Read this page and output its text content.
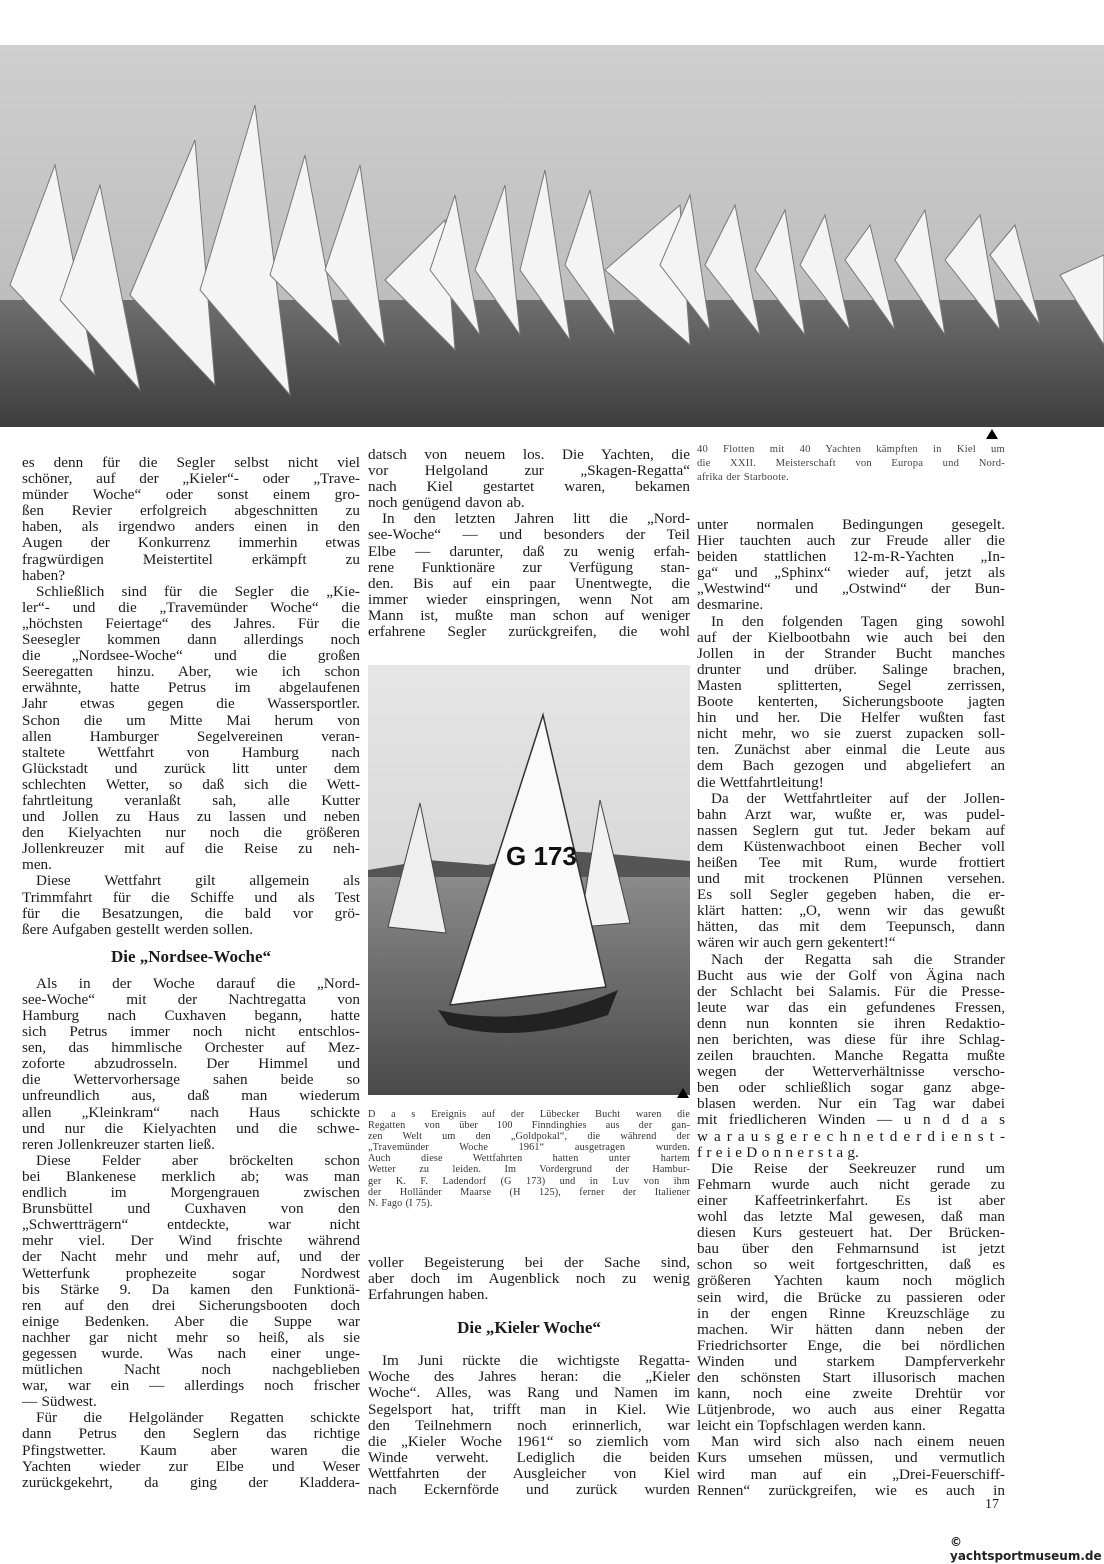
40 Flotten mit 40 Yachten kämpften in Kiel um
die XXII. Meisterschaft von Europa und Nord-
afrika der Starboote.
G 173
D a s Ereignis auf der Lübecker Bucht waren die
Regatten von über 100 Finndinghies aus der gan-
zen Welt um den „Goldpokal“, die während der
„Travemünder Woche 1961“ ausgetragen wurden.
Auch diese Wettfahrten hatten unter hartem
Wetter zu leiden. Im Vordergrund der Hambur-
ger K. F. Ladendorf (G 173) und in Luv von ihm
der Holländer Maarse (H 125), ferner der Italiener
N. Fago (I 75).
es denn für die Segler selbst nicht viel
schöner, auf der „Kieler“- oder „Trave-
münder Woche“ oder sonst einem gro-
ßen Revier erfolgreich abgeschnitten zu
haben, als irgendwo anders einen in den
Augen der Konkurrenz immerhin etwas
fragwürdigen Meistertitel erkämpft zu
haben?
Schließlich sind für die Segler die „Kie-
ler“- und die „Travemünder Woche“ die
„höchsten Feiertage“ des Jahres. Für die
Seesegler kommen dann allerdings noch
die „Nordsee-Woche“ und die großen
Seeregatten hinzu. Aber, wie ich schon
erwähnte, hatte Petrus im abgelaufenen
Jahr etwas gegen die Wassersportler.
Schon die um Mitte Mai herum von
allen Hamburger Segelvereinen veran-
staltete Wettfahrt von Hamburg nach
Glückstadt und zurück litt unter dem
schlechten Wetter, so daß sich die Wett-
fahrtleitung veranlaßt sah, alle Kutter
und Jollen zu Haus zu lassen und neben
den Kielyachten nur noch die größeren
Jollenkreuzer mit auf die Reise zu neh-
men.
Diese Wettfahrt gilt allgemein als
Trimmfahrt für die Schiffe und als Test
für die Besatzungen, die bald vor grö-
ßere Aufgaben gestellt werden sollen.
Die „Nordsee-Woche“
Als in der Woche darauf die „Nord-
see-Woche“ mit der Nachtregatta von
Hamburg nach Cuxhaven begann, hatte
sich Petrus immer noch nicht entschlos-
sen, das himmlische Orchester auf Mez-
zoforte abzudrosseln. Der Himmel und
die Wettervorhersage sahen beide so
unfreundlich aus, daß man wiederum
allen „Kleinkram“ nach Haus schickte
und nur die Kielyachten und die schwe-
reren Jollenkreuzer starten ließ.
Diese Felder aber bröckelten schon
bei Blankenese merklich ab; was man
endlich im Morgengrauen zwischen
Brunsbüttel und Cuxhaven von den
„Schwertträgern“ entdeckte, war nicht
mehr viel. Der Wind frischte während
der Nacht mehr und mehr auf, und der
Wetterfunk prophezeite sogar Nordwest
bis Stärke 9. Da kamen den Funktionä-
ren auf den drei Sicherungsbooten doch
einige Bedenken. Aber die Suppe war
nachher gar nicht mehr so heiß, als sie
gegessen wurde. Was nach einer unge-
mütlichen Nacht noch nachgeblieben
war, war ein — allerdings noch frischer
— Südwest.
Für die Helgoländer Regatten schickte
dann Petrus den Seglern das richtige
Pfingstwetter. Kaum aber waren die
Yachten wieder zur Elbe und Weser
zurückgekehrt, da ging der Kladdera-
datsch von neuem los. Die Yachten, die
vor Helgoland zur „Skagen-Regatta“
nach Kiel gestartet waren, bekamen
noch genügend davon ab.
In den letzten Jahren litt die „Nord-
see-Woche“ — und besonders der Teil
Elbe — darunter, daß zu wenig erfah-
rene Funktionäre zur Verfügung stan-
den. Bis auf ein paar Unentwegte, die
immer wieder einspringen, wenn Not am
Mann ist, mußte man schon auf weniger
erfahrene Segler zurückgreifen, die wohl
voller Begeisterung bei der Sache sind,
aber doch im Augenblick noch zu wenig
Erfahrungen haben.
Die „Kieler Woche“
Im Juni rückte die wichtigste Regatta-
Woche des Jahres heran: die „Kieler
Woche“. Alles, was Rang und Namen im
Segelsport hat, trifft man in Kiel. Wie
den Teilnehmern noch erinnerlich, war
die „Kieler Woche 1961“ so ziemlich vom
Winde verweht. Lediglich die beiden
Wettfahrten der Ausgleicher von Kiel
nach Eckernförde und zurück wurden
unter normalen Bedingungen gesegelt.
Hier tauchten auch zur Freude aller die
beiden stattlichen 12-m-R-Yachten „In-
ga“ und „Sphinx“ wieder auf, jetzt als
„Westwind“ und „Ostwind“ der Bun-
desmarine.
In den folgenden Tagen ging sowohl
auf der Kielbootbahn wie auch bei den
Jollen in der Strander Bucht manches
drunter und drüber. Salinge brachen,
Masten splitterten, Segel zerrissen,
Boote kenterten, Sicherungsboote jagten
hin und her. Die Helfer wußten fast
nicht mehr, wo sie zuerst zupacken soll-
ten. Zunächst aber einmal die Leute aus
dem Bach gezogen und abgeliefert an
die Wettfahrtleitung!
Da der Wettfahrtleiter auf der Jollen-
bahn Arzt war, wußte er, was pudel-
nassen Seglern gut tut. Jeder bekam auf
dem Küstenwachboot einen Becher voll
heißen Tee mit Rum, wurde frottiert
und mit trockenen Plünnen versehen.
Es soll Segler gegeben haben, die er-
klärt hatten: „O, wenn wir das gewußt
hätten, das mit dem Teepunsch, dann
wären wir auch gern gekentert!“
Nach der Regatta sah die Strander
Bucht aus wie der Golf von Ägina nach
der Schlacht bei Salamis. Für die Presse-
leute war das ein gefundenes Fressen,
denn nun konnten sie ihren Redaktio-
nen berichten, was diese für ihre Schlag-
zeilen brauchten. Manche Regatta mußte
wegen der Wetterverhältnisse verscho-
ben oder schließlich sogar ganz abge-
blasen werden. Nur ein Tag war dabei
mit friedlicheren Winden — u n d d a s
w a r a u s g e r e c h n e t d e r d i e n s t -
f r e i e D o n n e r s t a g.
Die Reise der Seekreuzer rund um
Fehmarn wurde auch nicht gerade zu
einer Kaffeetrinkerfahrt. Es ist aber
wohl das letzte Mal gewesen, daß man
diesen Kurs gesteuert hat. Der Brücken-
bau über den Fehmarnsund ist jetzt
schon so weit fortgeschritten, daß es
größeren Yachten kaum noch möglich
sein wird, die Brücke zu passieren oder
in der engen Rinne Kreuzschläge zu
machen. Wir hätten dann neben der
Friedrichsorter Enge, die bei nördlichen
Winden und starkem Dampferverkehr
den schönsten Start illusorisch machen
kann, noch eine zweite Drehtür vor
Lütjenbrode, wo auch aus einer Regatta
leicht ein Topfschlagen werden kann.
Man wird sich also nach einem neuen
Kurs umsehen müssen, und vermutlich
wird man auf ein „Drei-Feuerschiff-
Rennen“ zurückgreifen, wie es auch in
17
© yachtsportmuseum.de
